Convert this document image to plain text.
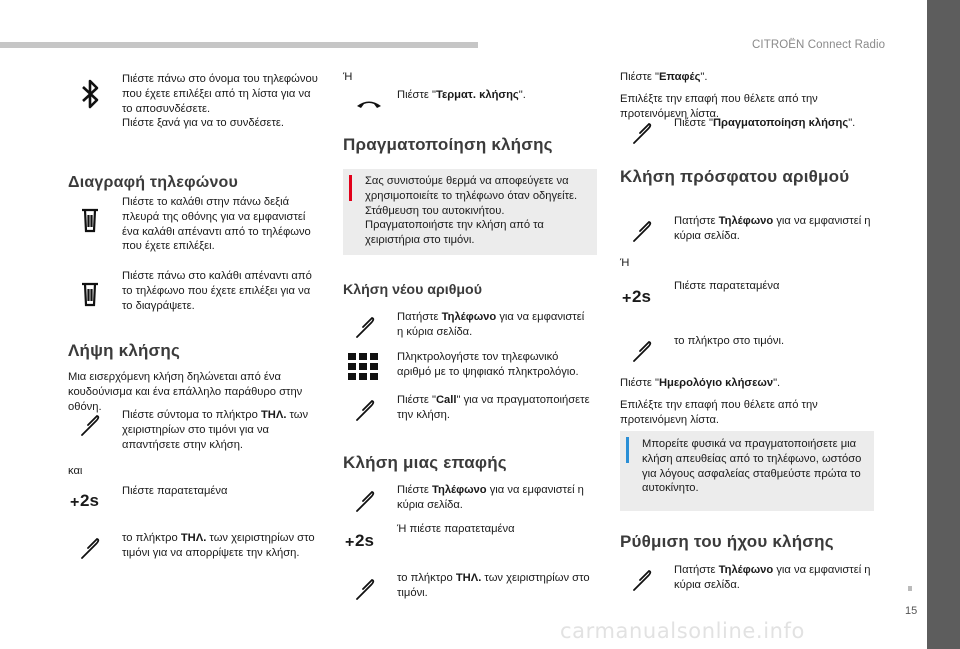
CITROËN Connect Radio
15
Πιέστε πάνω στο όνομα του τηλεφώνου που έχετε επιλέξει από τη λίστα για να το αποσυνδέσετε.
Πιέστε ξανά για να το συνδέσετε.
Διαγραφή τηλεφώνου
Πιέστε το καλάθι στην πάνω δεξιά πλευρά της οθόνης για να εμφανιστεί ένα καλάθι απέναντι από το τηλέφωνο που έχετε επιλέξει.
Πιέστε πάνω στο καλάθι απέναντι από το τηλέφωνο που έχετε επιλέξει για να το διαγράψετε.
Λήψη κλήσης
Μια εισερχόμενη κλήση δηλώνεται από ένα κουδούνισμα και ένα επάλληλο παράθυρο στην οθόνη.
Πιέστε σύντομα το πλήκτρο ΤΗΛ. των χειριστηρίων στο τιμόνι για να απαντήσετε στην κλήση.
και
+ 2s Πιέστε παρατεταμένα
το πλήκτρο ΤΗΛ. των χειριστηρίων στο τιμόνι για να απορρίψετε την κλήση.
Ή
Πιέστε "Τερματ. κλήσης".
Πραγματοποίηση κλήσης
Σας συνιστούμε θερμά να αποφεύγετε να χρησιμοποιείτε το τηλέφωνο όταν οδηγείτε.
Στάθμευση του αυτοκινήτου.
Πραγματοποιήστε την κλήση από τα χειριστήρια στο τιμόνι.
Κλήση νέου αριθμού
Πατήστε Τηλέφωνο για να εμφανιστεί η κύρια σελίδα.
Πληκτρολογήστε τον τηλεφωνικό αριθμό με το ψηφιακό πληκτρολόγιο.
Πιέστε "Call" για να πραγματοποιήσετε την κλήση.
Κλήση μιας επαφής
Πιέστε Τηλέφωνο για να εμφανιστεί η κύρια σελίδα.
+ 2s
Ή πιέστε παρατεταμένα
το πλήκτρο ΤΗΛ. των χειριστηρίων στο τιμόνι.
Πιέστε "Επαφές".
Επιλέξτε την επαφή που θέλετε από την προτεινόμενη λίστα.
Πιέστε "Πραγματοποίηση κλήσης".
Κλήση πρόσφατου αριθμού
Πατήστε Τηλέφωνο για να εμφανιστεί η κύρια σελίδα.
Ή
+ 2s
Πιέστε παρατεταμένα
το πλήκτρο στο τιμόνι.
Πιέστε "Ημερολόγιο κλήσεων".
Επιλέξτε την επαφή που θέλετε από την προτεινόμενη λίστα.
Μπορείτε φυσικά να πραγματοποιήσετε μια κλήση απευθείας από το τηλέφωνο, ωστόσο για λόγους ασφαλείας σταθμεύστε πρώτα το αυτοκίνητο.
Ρύθμιση του ήχου κλήσης
Πατήστε Τηλέφωνο για να εμφανιστεί η κύρια σελίδα.
carmanualsonline.info
